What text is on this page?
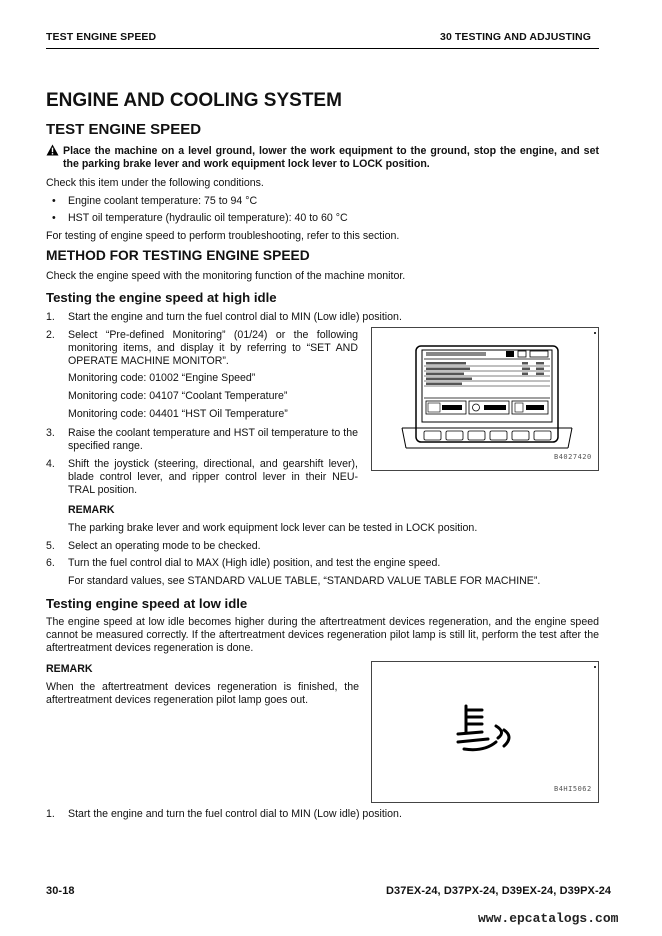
TEST ENGINE SPEED	30 TESTING AND ADJUSTING
ENGINE AND COOLING SYSTEM
TEST ENGINE SPEED
Place the machine on a level ground, lower the work equipment to the ground, stop the engine, and set the parking brake lever and work equipment lock lever to LOCK position.
Check this item under the following conditions.
• Engine coolant temperature: 75 to 94 °C
• HST oil temperature (hydraulic oil temperature): 40 to 60 °C
For testing of engine speed to perform troubleshooting, refer to this section.
METHOD FOR TESTING ENGINE SPEED
Check the engine speed with the monitoring function of the machine monitor.
Testing the engine speed at high idle
1. Start the engine and turn the fuel control dial to MIN (Low idle) position.
2. Select “Pre-defined Monitoring” (01/24) or the following monitoring items, and display it by referring to “SET AND OPERATE MACHINE MONITOR”.
Monitoring code: 01002 “Engine Speed”
Monitoring code: 04107 “Coolant Temperature”
Monitoring code: 04401 “HST Oil Temperature”
3. Raise the coolant temperature and HST oil temperature to the specified range.
4. Shift the joystick (steering, directional, and gearshift lever), blade control lever, and ripper control lever in their NEU-TRAL position.
REMARK
The parking brake lever and work equipment lock lever can be tested in LOCK position.
5. Select an operating mode to be checked.
6. Turn the fuel control dial to MAX (High idle) position, and test the engine speed.
For standard values, see STANDARD VALUE TABLE, “STANDARD VALUE TABLE FOR MACHINE”.
B4027420
Testing engine speed at low idle
The engine speed at low idle becomes higher during the aftertreatment devices regeneration, and the engine speed cannot be measured correctly. If the aftertreatment devices regeneration pilot lamp is still lit, perform the test after the aftertreatment devices regeneration is done.
REMARK
When the aftertreatment devices regeneration is finished, the aftertreatment devices regeneration pilot lamp goes out.
B4HI5062
1. Start the engine and turn the fuel control dial to MIN (Low idle) position.
30-18	D37EX-24, D37PX-24, D39EX-24, D39PX-24
www.epcatalogs.com
